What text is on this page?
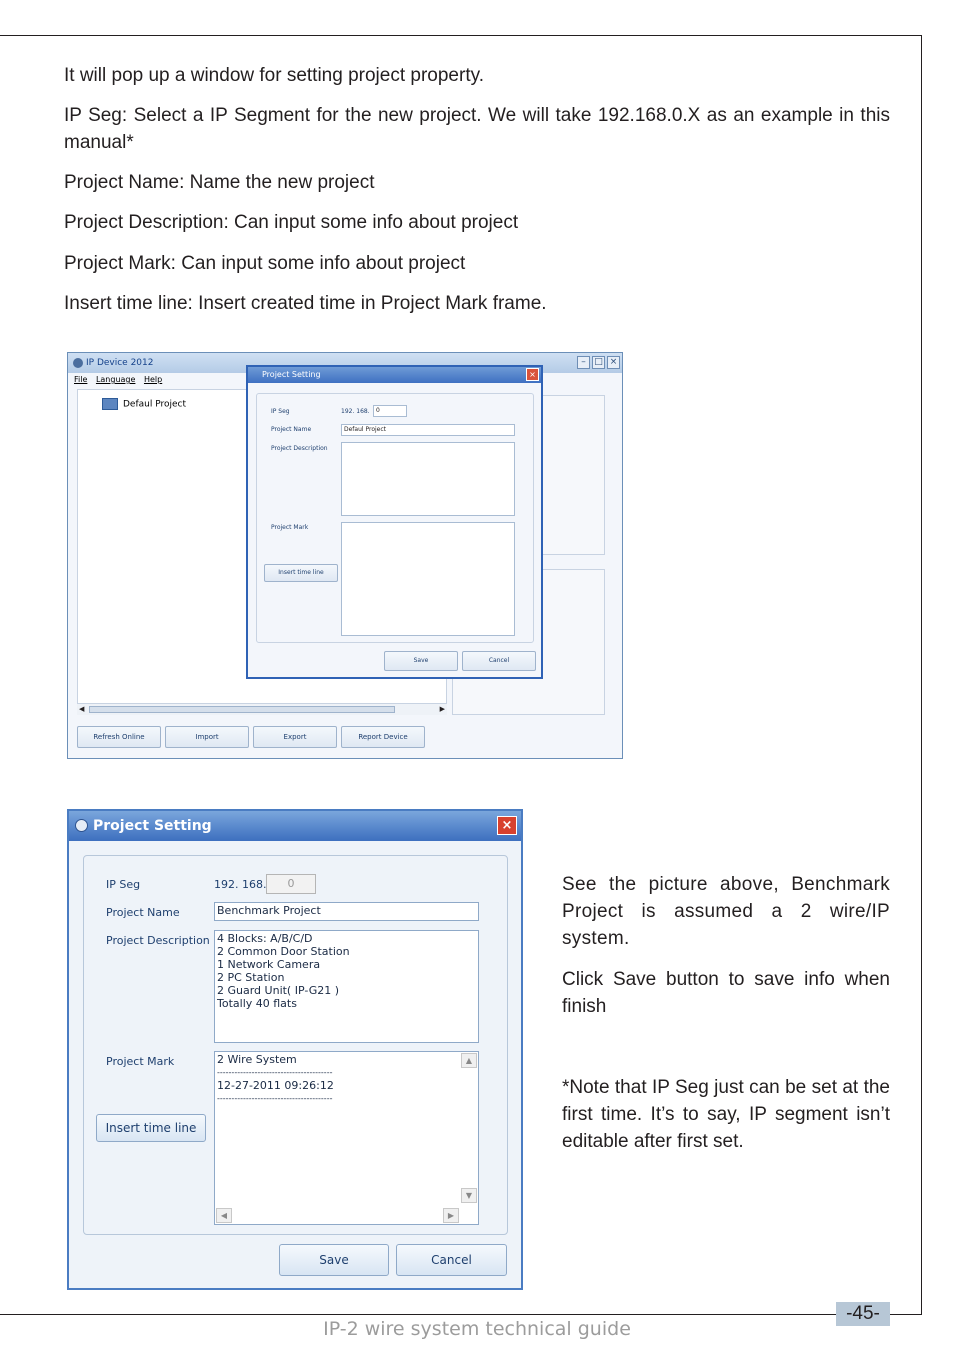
It will pop up a window for setting project property.
IP Seg: Select a IP Segment for the new project. We will take 192.168.0.X as an example in this manual*
Project Name: Name the new project
Project Description: Can input some info about project
Project Mark: Can input some info about project
Insert time line: Insert created time in Project Mark frame.
IP Device 2012	– □ ×
File Language Help
Defaul Project
◀	▶
Refresh Online	Import	Export	Report Device
Project Setting	×
IP Seg	192. 168.	0
Project Name	Defaul Project
Project Description
Project Mark
Insert time line
Save	Cancel
Project Setting	×
IP Seg	192. 168.	0
Project Name	Benchmark Project
Project Description 4 Blocks: A/B/C/D
2 Common Door Station
1 Network Camera
2 PC Station
2 Guard Unit( IP-G21 )
Totally 40 flats
Project Mark	2 Wire System
----------------------------------------
12-27-2011 09:26:12
----------------------------------------
▲
▼
◀	▶
Insert time line
Save	Cancel
See the picture above, Benchmark Project is assumed a 2 wire/IP system.
Click Save button to save info when finish
*Note that IP Seg just can be set at the first time. It’s to say, IP segment isn’t editable after first set.
-45-
IP-2 wire system technical guide
